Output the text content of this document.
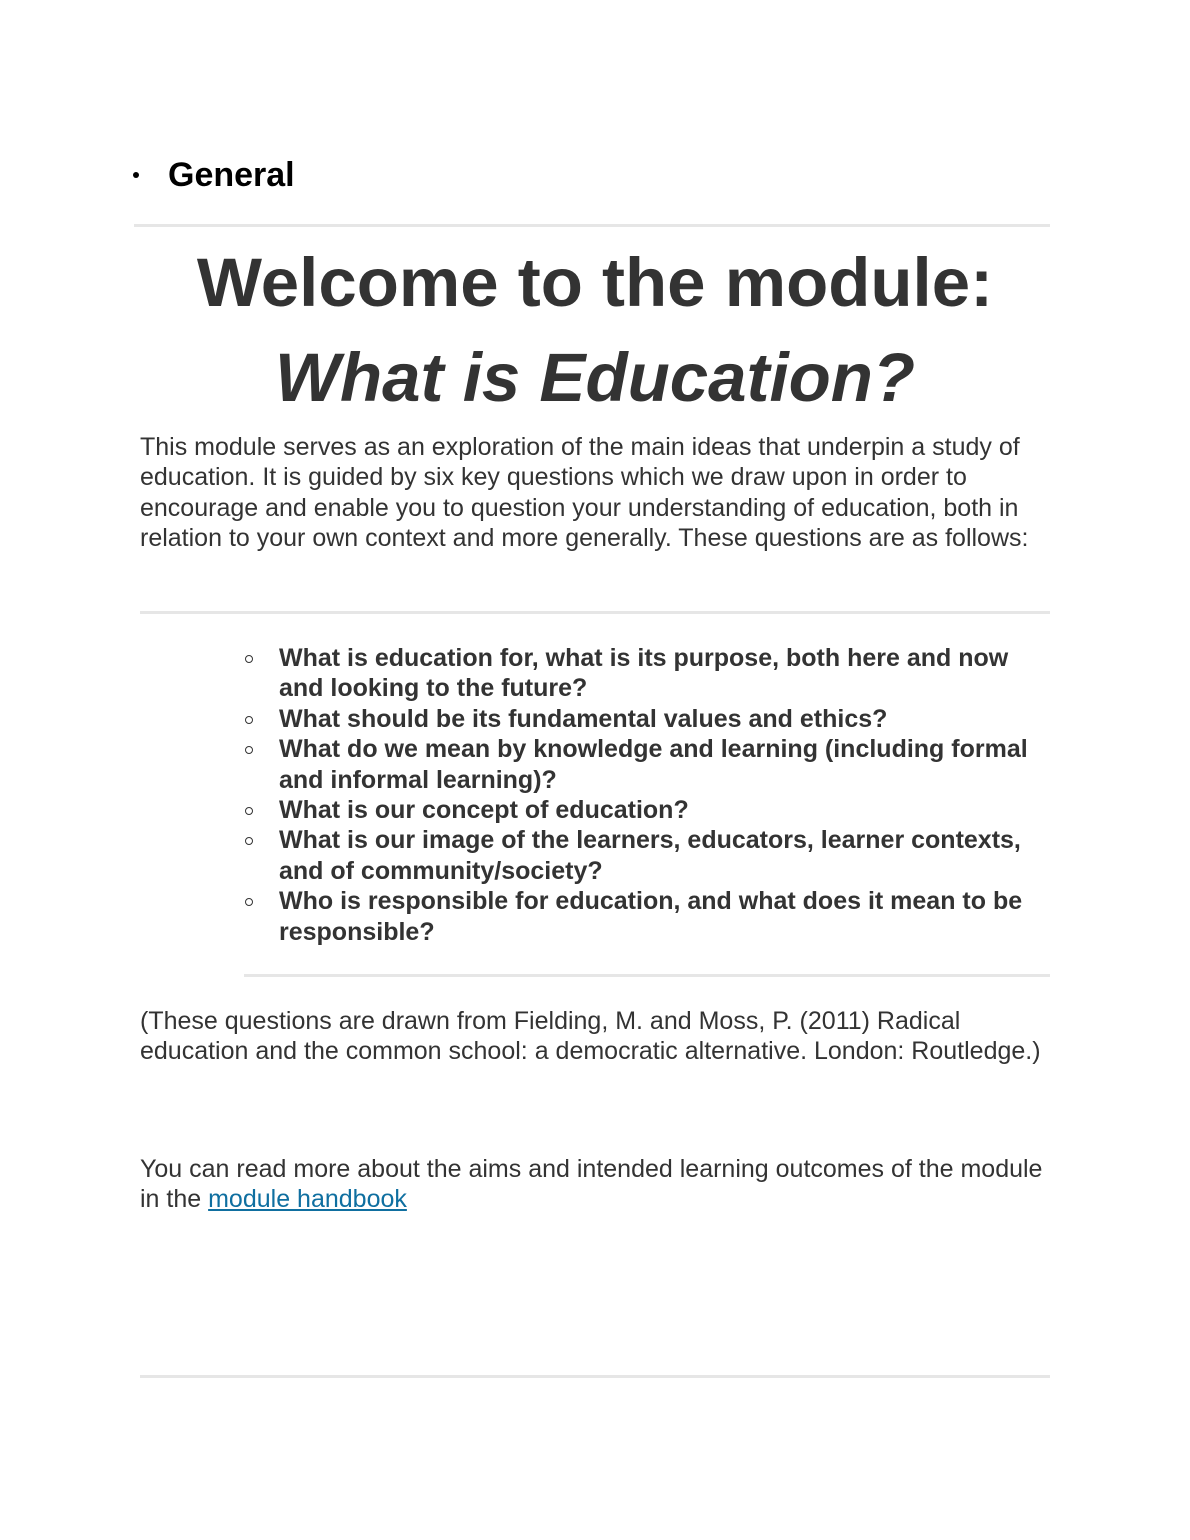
General
Welcome to the module:
What is Education?

This module serves as an exploration of the main ideas that underpin a study of education. It is guided by six key questions which we draw upon in order to encourage and enable you to question your understanding of education, both in relation to your own context and more generally. These questions are as follows:

What is education for, what is its purpose, both here and now and looking to the future?
What should be its fundamental values and ethics?
What do we mean by knowledge and learning (including formal and informal learning)?
What is our concept of education?
What is our image of the learners, educators, learner contexts, and of community/society?
Who is responsible for education, and what does it mean to be responsible?

(These questions are drawn from Fielding, M. and Moss, P. (2011) Radical education and the common school: a democratic alternative. London: Routledge.)

You can read more about the aims and intended learning outcomes of the module in the module handbook
